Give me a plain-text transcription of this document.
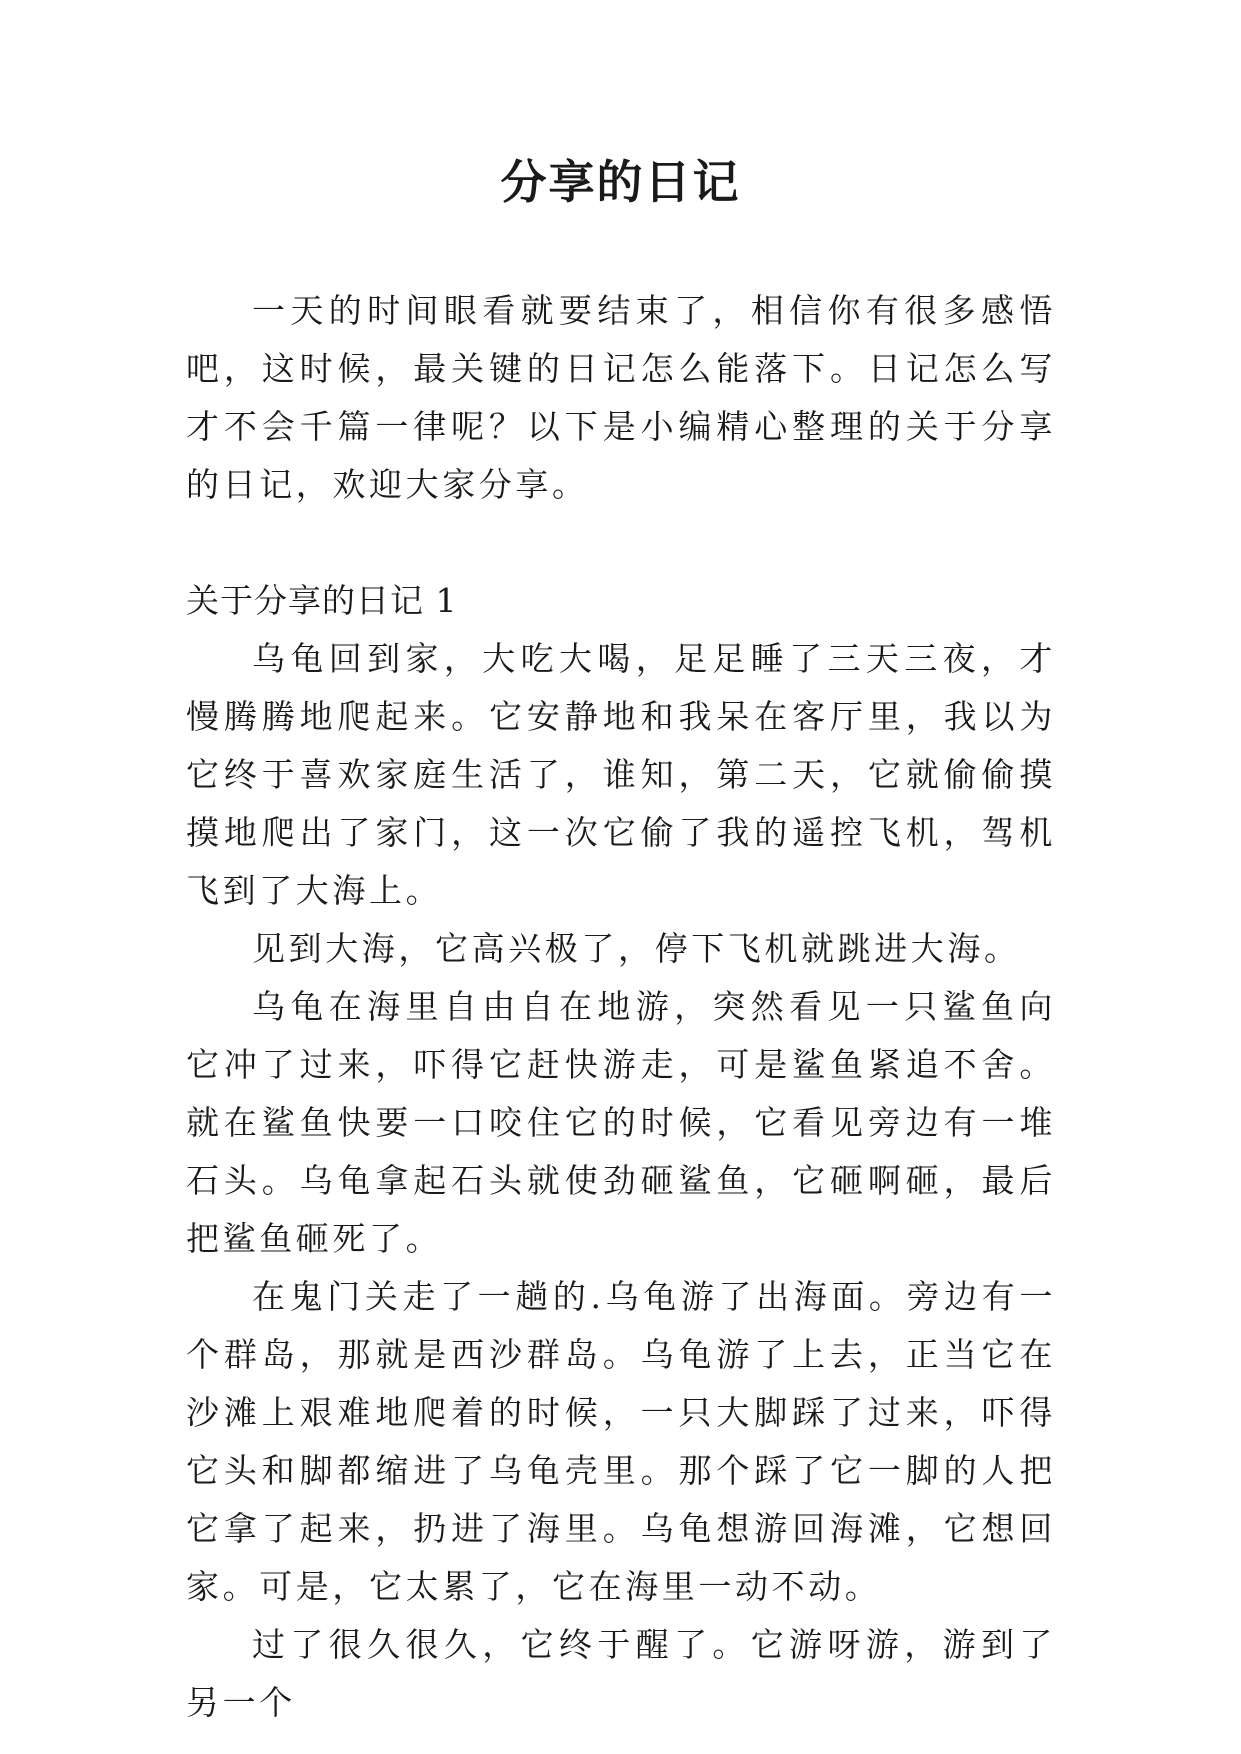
分享的日记

一天的时间眼看就要结束了，相信你有很多感悟吧，这时候，最关键的日记怎么能落下。日记怎么写才不会千篇一律呢？以下是小编精心整理的关于分享的日记，欢迎大家分享。

关于分享的日记 1

乌龟回到家，大吃大喝，足足睡了三天三夜，才慢腾腾地爬起来。它安静地和我呆在客厅里，我以为它终于喜欢家庭生活了，谁知，第二天，它就偷偷摸摸地爬出了家门，这一次它偷了我的遥控飞机，驾机飞到了大海上。

见到大海，它高兴极了，停下飞机就跳进大海。

乌龟在海里自由自在地游，突然看见一只鲨鱼向它冲了过来，吓得它赶快游走，可是鲨鱼紧追不舍。就在鲨鱼快要一口咬住它的时候，它看见旁边有一堆石头。乌龟拿起石头就使劲砸鲨鱼，它砸啊砸，最后把鲨鱼砸死了。

在鬼门关走了一趟的.乌龟游了出海面。旁边有一个群岛，那就是西沙群岛。乌龟游了上去，正当它在沙滩上艰难地爬着的时候，一只大脚踩了过来，吓得它头和脚都缩进了乌龟壳里。那个踩了它一脚的人把它拿了起来，扔进了海里。乌龟想游回海滩，它想回家。可是，它太累了，它在海里一动不动。

过了很久很久，它终于醒了。它游呀游，游到了另一个
